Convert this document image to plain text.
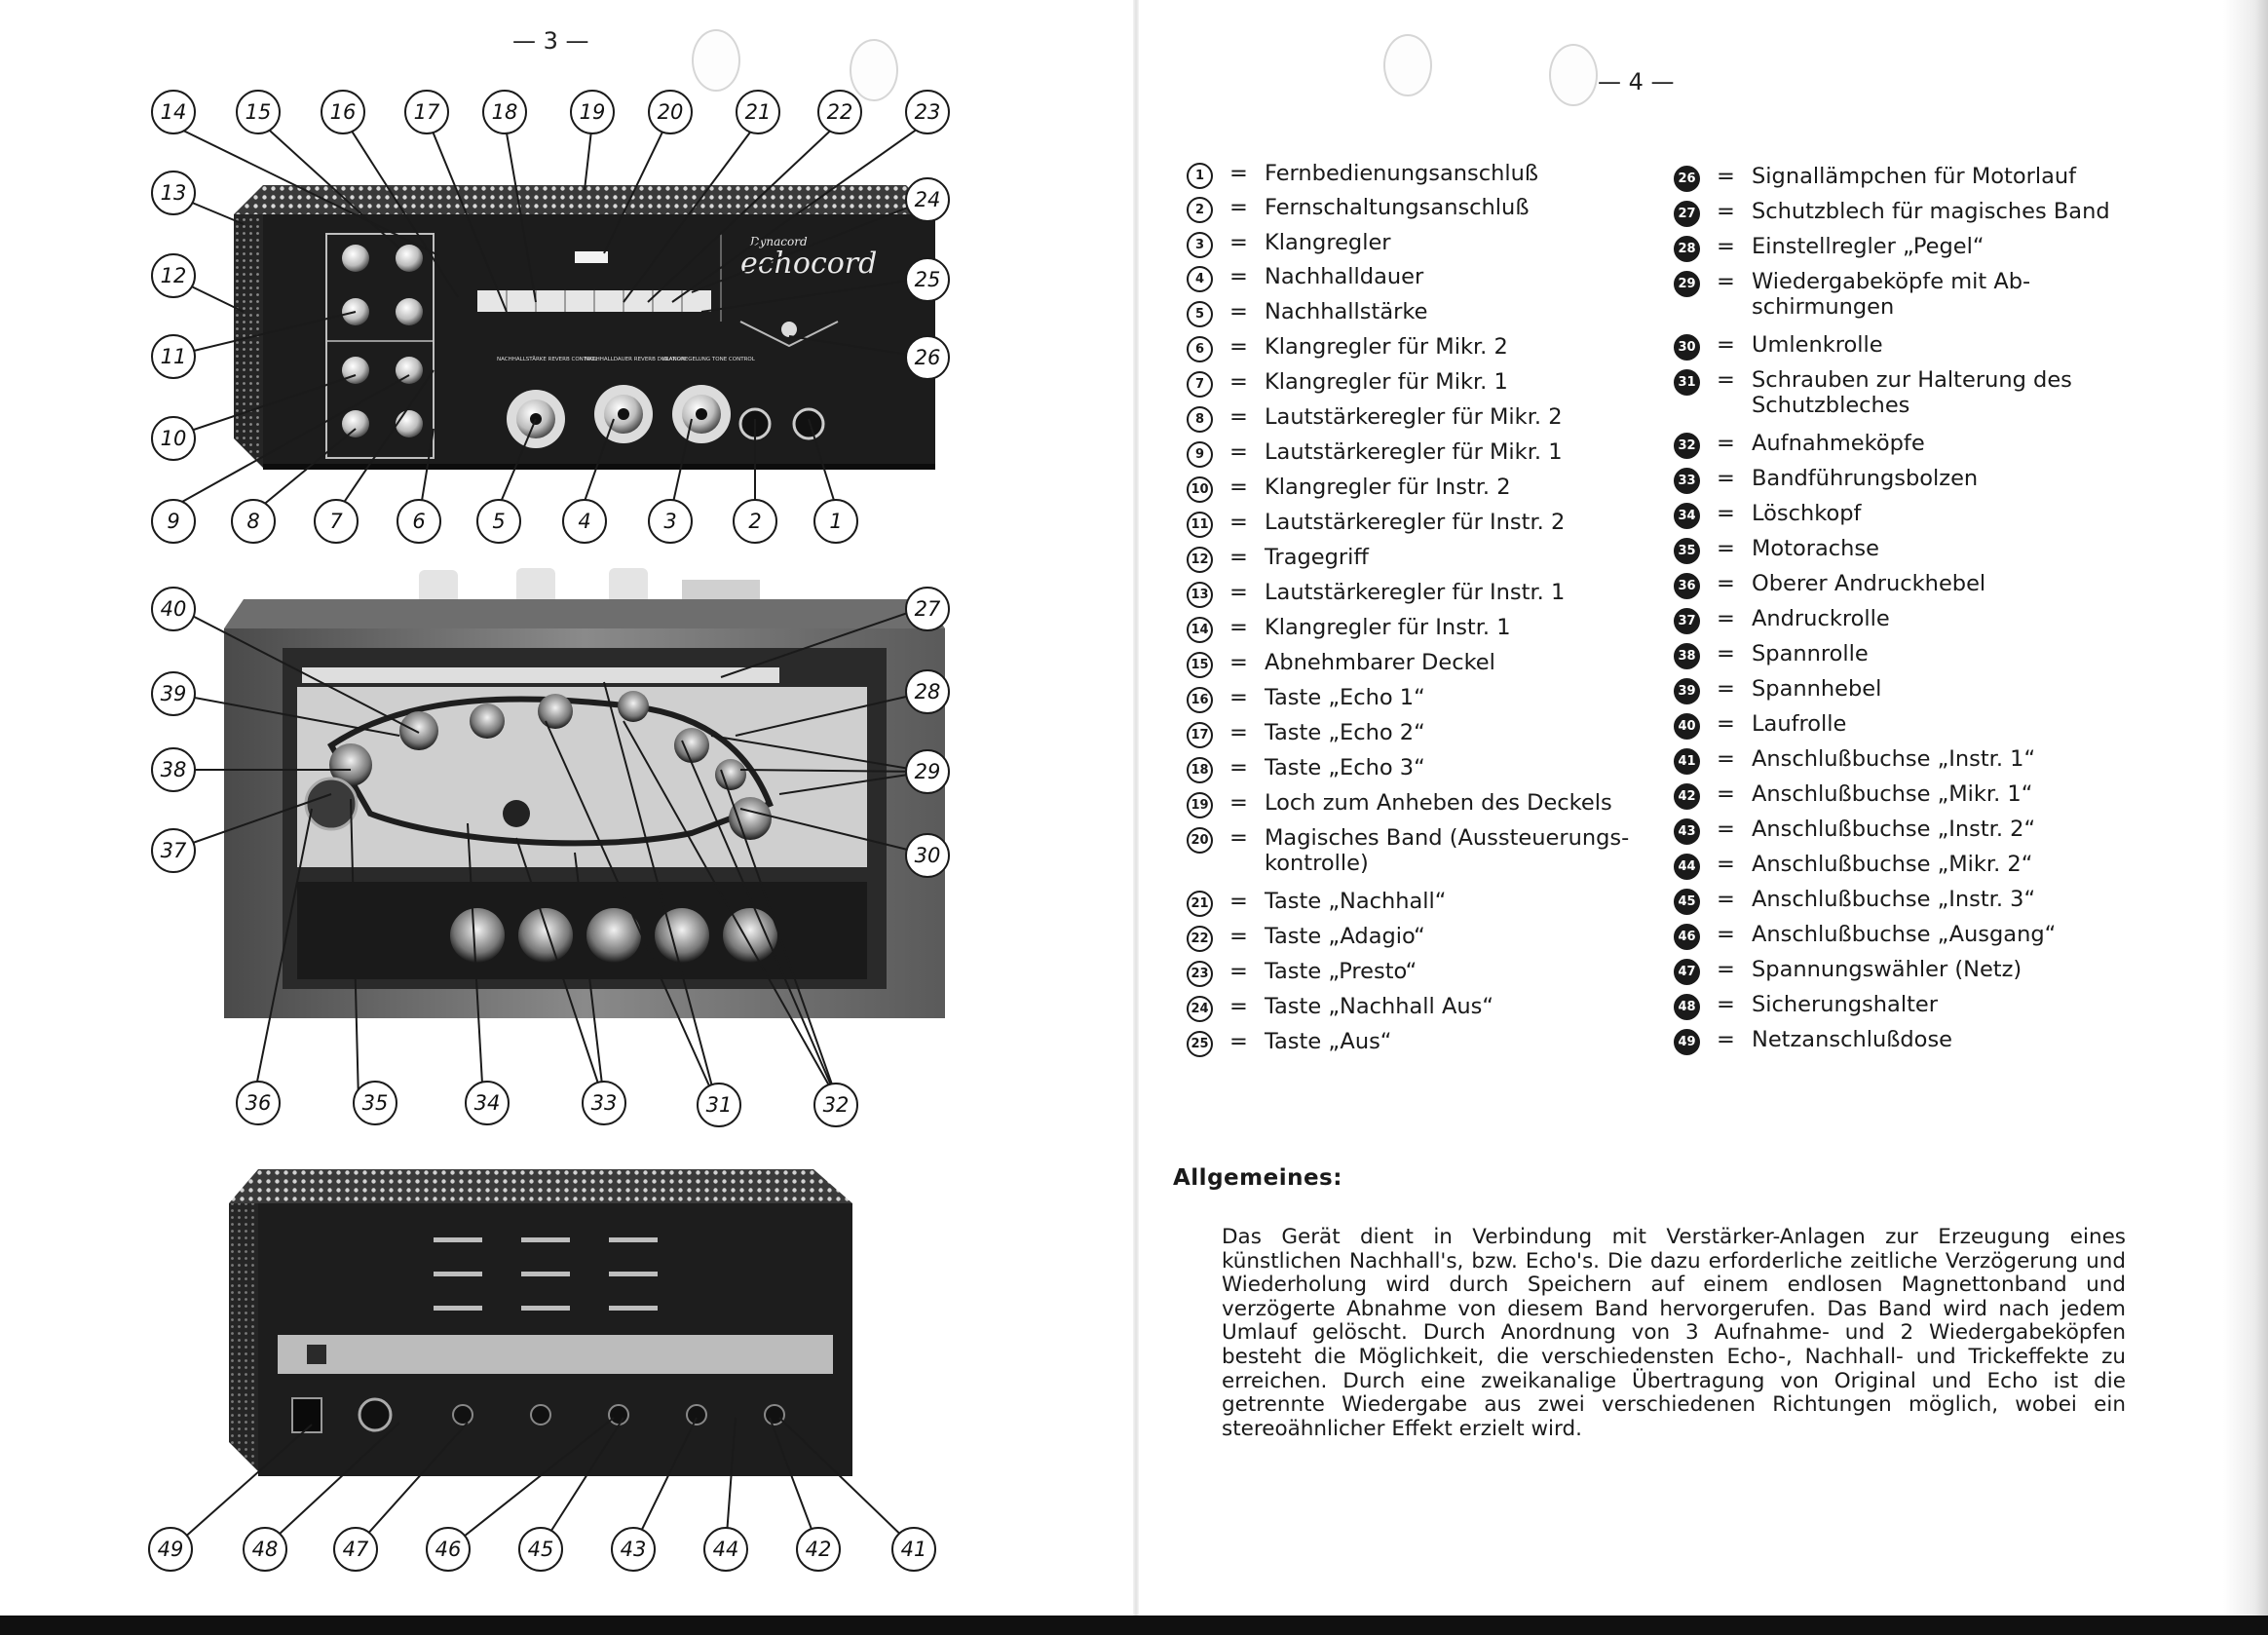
— 3 —
— 4 —
Dynacord
echocord
NACHHALLSTÄRKE REVERB CONTROL
NACHHALLDAUER REVERB DURATION
KLANGREGELUNG TONE CONTROL
14	15	16	17	18	19	20	21	22	23
13	24
12	25
11	26
10
9	8	7	6	5	4	3	2	1
40	27
39	28
38	29
37	30
36	35	34	33	31	32
49	48	47	46	45	43	44	42	41
1	= Fernbedienungsanschluß
2	= Fernschaltungsanschluß
3	= Klangregler
4	= Nachhalldauer
5	= Nachhallstärke
6	= Klangregler für Mikr. 2
7	= Klangregler für Mikr. 1
8	= Lautstärkeregler für Mikr. 2
9	= Lautstärkeregler für Mikr. 1
10 = Klangregler für Instr. 2
11 = Lautstärkeregler für Instr. 2
12 = Tragegriff
13 = Lautstärkeregler für Instr. 1
14 = Klangregler für Instr. 1
15 = Abnehmbarer Deckel
16 = Taste „Echo 1“
17 = Taste „Echo 2“
18 = Taste „Echo 3“
19 = Loch zum Anheben des Deckels
20 = Magisches Band (Aussteuerungs-
kontrolle)
21 = Taste „Nachhall“
22 = Taste „Adagio“
23 = Taste „Presto“
24 = Taste „Nachhall Aus“
25 = Taste „Aus“
26 = Signallämpchen für Motorlauf
27 = Schutzblech für magisches Band
28 = Einstellregler „Pegel“
29 = Wiedergabeköpfe mit Ab-
schirmungen
30 = Umlenkrolle
31 = Schrauben zur Halterung des
Schutzbleches
32 = Aufnahmeköpfe
33 = Bandführungsbolzen
34 = Löschkopf
35 = Motorachse
36 = Oberer Andruckhebel
37 = Andruckrolle
38 = Spannrolle
39 = Spannhebel
40 = Laufrolle
41 = Anschlußbuchse „Instr. 1“
42 = Anschlußbuchse „Mikr. 1“
43 = Anschlußbuchse „Instr. 2“
44 = Anschlußbuchse „Mikr. 2“
45 = Anschlußbuchse „Instr. 3“
46 = Anschlußbuchse „Ausgang“
47 = Spannungswähler (Netz)
48 = Sicherungshalter
49 = Netzanschlußdose
Allgemeines:
Das Gerät dient in Verbindung mit Verstärker-Anlagen zur Erzeugung eines künstlichen Nachhall's, bzw. Echo's. Die dazu erforderliche zeitliche Verzögerung und Wiederholung wird durch Speichern auf einem endlosen Magnettonband und verzögerte Abnahme von diesem Band hervorgerufen. Das Band wird nach jedem Umlauf gelöscht. Durch Anordnung von 3 Aufnahme- und 2 Wiedergabeköpfen besteht die Möglichkeit, die verschiedensten Echo-, Nachhall- und Trickeffekte zu erreichen. Durch eine zweikanalige Übertragung von Original und Echo ist die getrennte Wiedergabe aus zwei verschiedenen Richtungen möglich, wobei ein stereoähnlicher Effekt erzielt wird.
